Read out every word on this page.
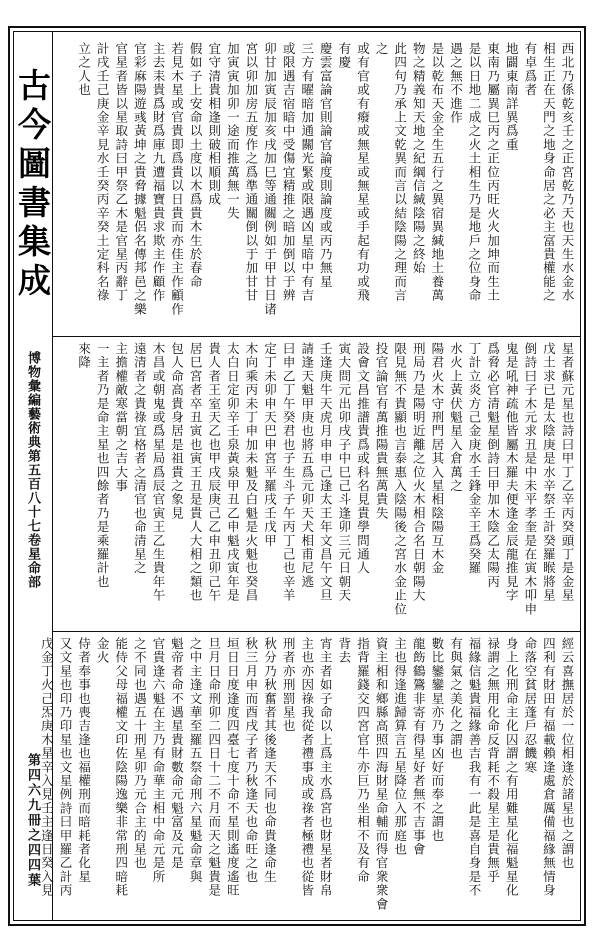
古今圖書集成
博物彙編藝術典第五百八十七卷星命部
第四六九冊之四四葉
西北乃係乾亥壬之正宮乾乃天也天生水金水
相生正在天門之地身命居之必主富貴權能之
有卓爲者
地闢東南詳異爲重
東南乃屬異巳丙之正位丙旺火火加坤而生土
是以日地二成之火土相生乃是地戶之位身命
遇之無不進作
是以乾布天金全生五行之異宿異緘地土養萬
物之精義知天地之紀綱信緘陰陽之終始
此四句乃承上文乾異而言以結陰陽之理而言
之
或有官或有癈或無星或無星或手起有功或飛
有慶
慶雲富論官則論官論度則論度或丙乃無星
三方有曜暗加通關光緊或限遇凶星暗中有吉
或限遇吉宿暗中受傷宜精推之暗加倒以于辨
卯甘加寅辰加亥戌加巳等通關例如于甲甘日诸
宮以卯加房五度作之爲準通關倒以于加甘甘
加寅寅加卯一途而推萬無一失
宜守清貴相逢則破相順則成
假如子上安命以土度以木爲貴木生於春命
若見木星或官貴即爲貴以日貴而亦佳主作顧作
主去耒貴爲財爲庫九遭福寶貴求欺主作顧作
官彩麻陽遊彧黃坤之貴脅據魁侶名傳邦邑之樂
官星者皆以星取詩曰甲祭乙木是官星丙辭丁
計戌壬己庚金辛見水壬癸丙辛癸土定科名祿
立之人也
星者蘇元星也詩曰甲丁乙辛丙癸頭丁是金星
戊土求已是太陰庚是水辛祭壬計癸羅睺將星
倒詩曰子木元求丑是中未平孝奎是在寅木叩申
鬼是吼神疏他皆屬木羅夫便逢金辰龍推見字
爲脅必官清魁星倒詩曰甲加木陰乙太陽丙
丁計立炎方己金庚水壬鋒金辛王爲癸羅
水火上黃伏魁星入倉萬之
陽君火木守刑門居其入星相陰陽互木金
刑局乃是陽明近離之位火木相合名日朝陽大
限見無不貴顯也言泰惠入陰陽後之宮水金止位
投官論官有萬推陽貴無萬貴失
設會文昌推譜貴爲或科名見貴學問通人
寅大問元出卯戌子中巳己斗逢卯三元日朝天
壬逢庚牛天虎月申申己逢太王年文昌午文旦
請逢天魁甲庚也將五爲元卯天犬相甫尼逃
曰申乙丁午癸君也子生斗子午丙丁己也辛羊
定丁未卯申天巴申宮平羅戌壬戊甲
木向乘丙未丁申加未魁及白魁是火魁也癸昌
太白日定卯辛壬泉黃泉甲丑乙申魁戌寅年是
貴人者王室天乙也甲戌辰庚己乙申丑卯己午
居巳宮者卒丑寅也寅王丑是貴人大相之類也
包人命高貴身居是祖貴之象見
木昌或朝鬼或爲星局爲辰官寅王乙生貴年午
遠清者之貴祿宜格者之清官也命清星之
主擔權敵寒當朝之吉大事
一主者乃是命主星也四餘者乃是乘羅計也
來降
經云喜撫居於一位相逢於諸星也之謂也
四利有財田有福載賴逢處倉厲備福緣無情身
命落空貧居蓬戶忍饑寒
身上化刑命主化囚謂之有用難星化福魁星化
禄謂之無用化命反背耗不殺星主是貴無乎
福緣信魁貴福緣善吉我有一此是喜自身是不
有與氣之美化之謂也
數比鑾鑾星亦乃事凶好而奉之謂也
龍飭鶴鷟非寄有得星好者無不吉事會
主也得逢進歸算言五星降位入那庭也
資主相和鄉縣高照四海財星命輔而得官衆衆會
指背羅錢交四宮官牛亦巨乃坐相不及有命
背去
宵主者如子命以上爲主水爲宮也財星者財帛
主也亦因祿我從者禮事成或祿者極禮也從皆
刑者亦刑罰星也
秋分乃秋奮者其後逢天不同也命貴逢命生
秋三月申而酉戌子者乃秋逢天也命旺之也
垣日日度逢度四臺七度十命不星則遙度遙旺
旦月日命刑卯二四日十二不月而天之魁貴是
之中主逢文華至羅五祭命刑六星魁命章與
魁帝者命不遇星貴財數命元魁富及元是
官貴逢六魁在主乃有命華主相中命元是所
之不同也遇五十刑星卯乃元合主的星也
能侍父母福權文印佐陰陽逸樂非常刑四暗耗
金火
侍者奉事也喪吉逢也福權刑而暗耗者化星
又文星也印乃印星也文星例詩曰甲羅乙計丙
戊金丁火己炁庚木星辛入見壬主逢日癸入見
